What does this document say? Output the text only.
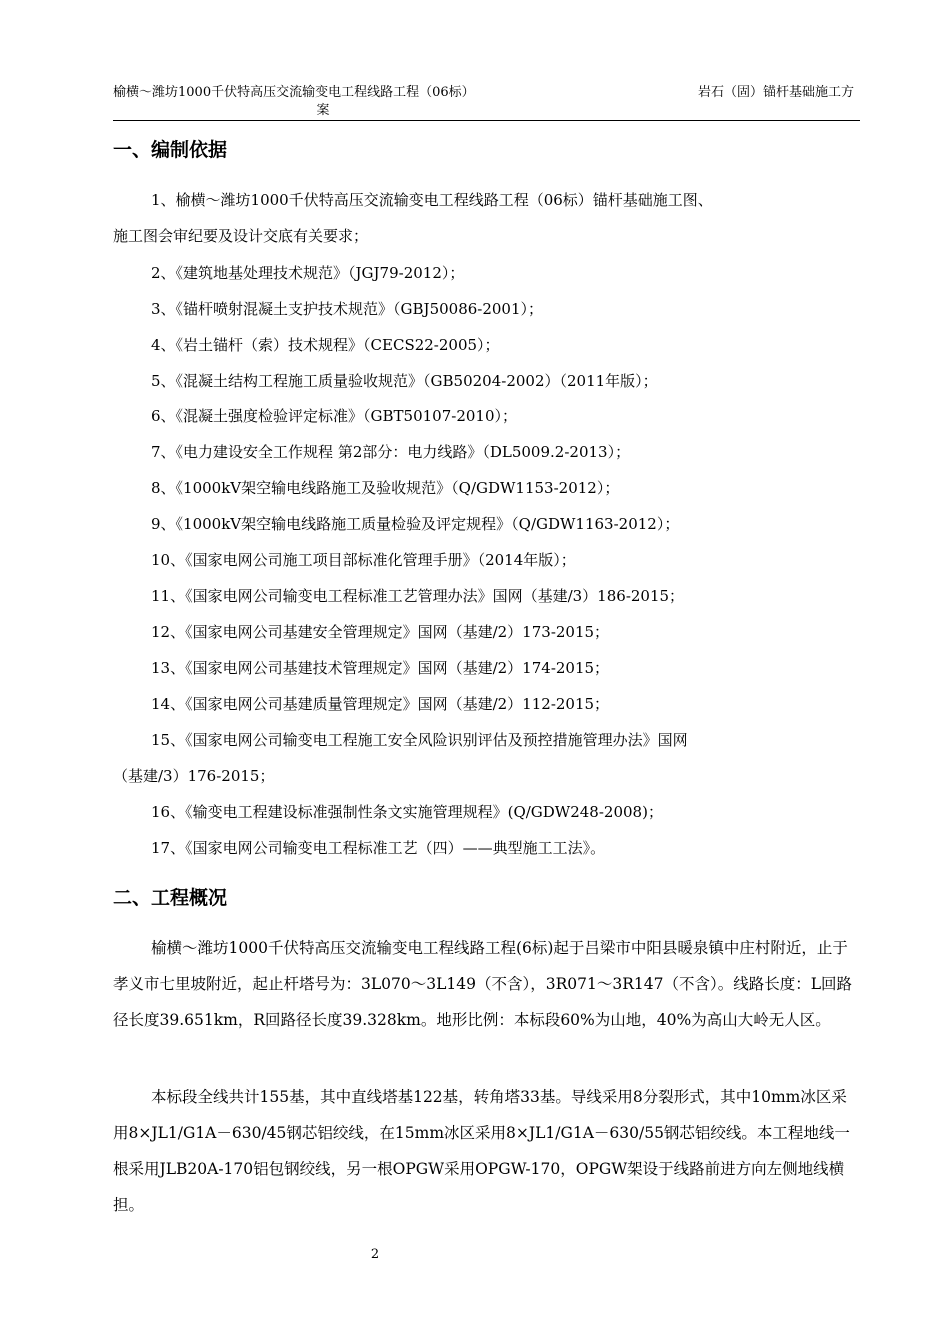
榆横～潍坊1000千伏特高压交流输变电工程线路工程（06标）

案
岩石（固）锚杆基础施工方
一、编制依据
1、榆横～潍坊1000千伏特高压交流输变电工程线路工程（06标）锚杆基础施工图、
施工图会审纪要及设计交底有关要求；
2、《建筑地基处理技术规范》（JGJ79-2012）；
3、《锚杆喷射混凝土支护技术规范》（GBJ50086-2001）；
4、《岩土锚杆（索）技术规程》（CECS22-2005）；
5、《混凝土结构工程施工质量验收规范》（GB50204-2002）（2011年版）；
6、《混凝土强度检验评定标准》（GBT50107-2010）；
7、《电力建设安全工作规程 第2部分：电力线路》（DL5009.2-2013）；
8、《1000kV架空输电线路施工及验收规范》（Q/GDW1153-2012）；
9、《1000kV架空输电线路施工质量检验及评定规程》（Q/GDW1163-2012）；
10、《国家电网公司施工项目部标准化管理手册》（2014年版）；
11、《国家电网公司输变电工程标准工艺管理办法》国网（基建/3）186-2015；
12、《国家电网公司基建安全管理规定》国网（基建/2）173-2015；
13、《国家电网公司基建技术管理规定》国网（基建/2）174-2015；
14、《国家电网公司基建质量管理规定》国网（基建/2）112-2015；
15、《国家电网公司输变电工程施工安全风险识别评估及预控措施管理办法》国网
（基建/3）176-2015；
16、《输变电工程建设标准强制性条文实施管理规程》(Q/GDW248-2008)；
17、《国家电网公司输变电工程标准工艺（四）——典型施工工法》。
二、工程概况

榆横～潍坊1000千伏特高压交流输变电工程线路工程(6标)起于吕梁市中阳县暖泉镇中庄村附近，止于孝义市七里坡附近，起止杆塔号为：3L070～3L149（不含），3R071～3R147（不含）。线路长度：L回路径长度39.651km，R回路径长度39.328km。地形比例：本标段60%为山地，40%为高山大岭无人区。

本标段全线共计155基，其中直线塔基122基，转角塔33基。导线采用8分裂形式，其中10mm冰区采用8×JL1/G1A－630/45钢芯铝绞线，在15mm冰区采用8×JL1/G1A－630/55钢芯铝绞线。本工程地线一根采用JLB20A-170铝包钢绞线，另一根OPGW采用OPGW-170，OPGW架设于线路前进方向左侧地线横担。

2
